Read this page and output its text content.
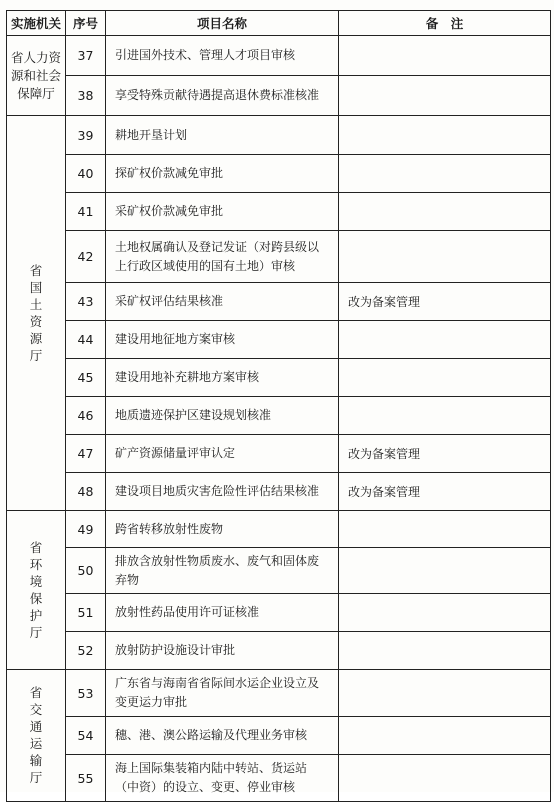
实施机关	序号	项目名称	备　注
省人力资源和社会保障厅	37	引进国外技术、管理人才项目审核	
	38	享受特殊贡献待遇提高退休费标准核准	
省国土资源厅	39	耕地开垦计划	
	40	探矿权价款减免审批	
	41	采矿权价款减免审批	
	42	土地权属确认及登记发证（对跨县级以上行政区域使用的国有土地）审核	
	43	采矿权评估结果核准	改为备案管理
	44	建设用地征地方案审核	
	45	建设用地补充耕地方案审核	
	46	地质遗迹保护区建设规划核准	
	47	矿产资源储量评审认定	改为备案管理
	48	建设项目地质灾害危险性评估结果核准	改为备案管理
省环境保护厅	49	跨省转移放射性废物	
	50	排放含放射性物质废水、废气和固体废弃物	
	51	放射性药品使用许可证核准	
	52	放射防护设施设计审批	
省交通运输厅	53	广东省与海南省省际间水运企业设立及变更运力审批	
	54	穗、港、澳公路运输及代理业务审核	
	55	海上国际集装箱内陆中转站、货运站（中资）的设立、变更、停业审核	
